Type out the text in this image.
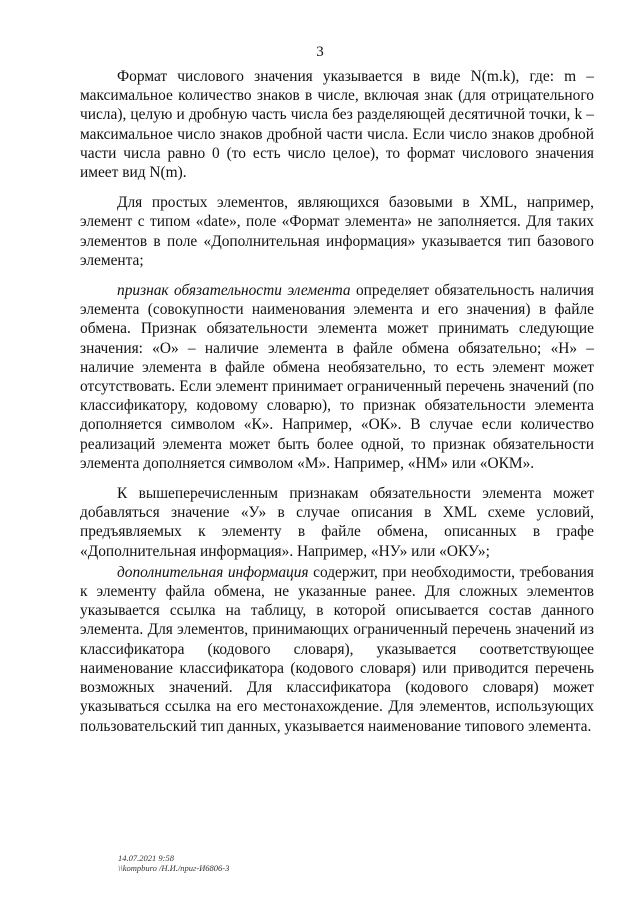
3

Формат числового значения указывается в виде N(m.k), где: m – максимальное количество знаков в числе, включая знак (для отрицательного числа), целую и дробную часть числа без разделяющей десятичной точки, k – максимальное число знаков дробной части числа. Если число знаков дробной части числа равно 0 (то есть число целое), то формат числового значения имеет вид N(m).

Для простых элементов, являющихся базовыми в XML, например, элемент с типом «date», поле «Формат элемента» не заполняется. Для таких элементов в поле «Дополнительная информация» указывается тип базового элемента;

признак обязательности элемента определяет обязательность наличия элемента (совокупности наименования элемента и его значения) в файле обмена. Признак обязательности элемента может принимать следующие значения: «О» – наличие элемента в файле обмена обязательно; «Н» – наличие элемента в файле обмена необязательно, то есть элемент может отсутствовать. Если элемент принимает ограниченный перечень значений (по классификатору, кодовому словарю), то признак обязательности элемента дополняется символом «К». Например, «ОК». В случае если количество реализаций элемента может быть более одной, то признак обязательности элемента дополняется символом «М». Например, «НМ» или «ОКМ».

К вышеперечисленным признакам обязательности элемента может добавляться значение «У» в случае описания в XML схеме условий, предъявляемых к элементу в файле обмена, описанных в графе «Дополнительная информация». Например, «НУ» или «ОКУ»;

дополнительная информация содержит, при необходимости, требования к элементу файла обмена, не указанные ранее. Для сложных элементов указывается ссылка на таблицу, в которой описывается состав данного элемента. Для элементов, принимающих ограниченный перечень значений из классификатора (кодового словаря), указывается соответствующее наименование классификатора (кодового словаря) или приводится перечень возможных значений. Для классификатора (кодового словаря) может указываться ссылка на его местонахождение. Для элементов, использующих пользовательский тип данных, указывается наименование типового элемента.

14.07.2021 9:58
\\kompburo /Н.И./приг-И6806-3
